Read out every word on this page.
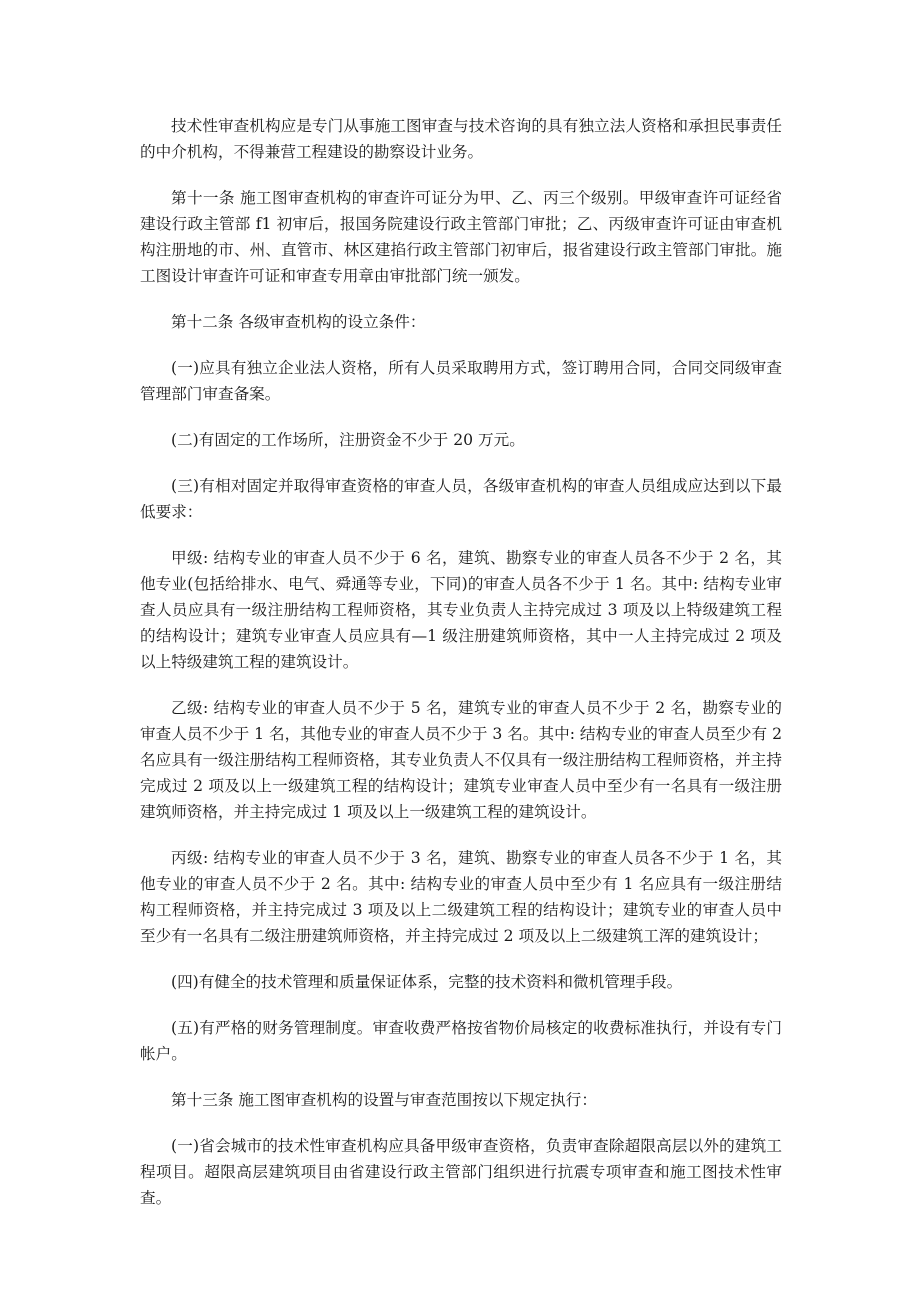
技术性审查机构应是专门从事施工图审查与技术咨询的具有独立法人资格和承担民事责任的中介机构，不得兼营工程建设的勘察设计业务。

第十一条 施工图审查机构的审查许可证分为甲、乙、丙三个级别。甲级审查许可证经省建设行政主管部 f1 初审后，报国务院建设行政主管部门审批；乙、丙级审查许可证由审查机构注册地的市、州、直管市、林区建掐行政主管部门初审后，报省建设行政主管部门审批。施工图设计审查许可证和审查专用章由审批部门统一颁发。

第十二条 各级审查机构的设立条件：

(一)应具有独立企业法人资格，所有人员采取聘用方式，签订聘用合同，合同交同级审查管理部门审查备案。

(二)有固定的工作场所，注册资金不少于 20 万元。

(三)有相对固定并取得审查资格的审查人员，各级审查机构的审查人员组成应达到以下最低要求：

甲级: 结构专业的审查人员不少于 6 名，建筑、勘察专业的审查人员各不少于 2 名，其他专业(包括给排水、电气、舜通等专业，下同)的审查人员各不少于 1 名。其中: 结构专业审查人员应具有一级注册结构工程师资格，其专业负责人主持完成过 3 项及以上特级建筑工程的结构设计；建筑专业审查人员应具有—1 级注册建筑师资格，其中一人主持完成过 2 项及以上特级建筑工程的建筑设计。

乙级: 结构专业的审查人员不少于 5 名，建筑专业的审查人员不少于 2 名，勘察专业的审查人员不少于 1 名，其他专业的审查人员不少于 3 名。其中: 结构专业的审查人员至少有 2 名应具有一级注册结构工程师资格，其专业负责人不仅具有一级注册结构工程师资格，并主持完成过 2 项及以上一级建筑工程的结构设计；建筑专业审查人员中至少有一名具有一级注册建筑师资格，并主持完成过 1 项及以上一级建筑工程的建筑设计。

丙级: 结构专业的审查人员不少于 3 名，建筑、勘察专业的审查人员各不少于 1 名，其他专业的审查人员不少于 2 名。其中: 结构专业的审查人员中至少有 1 名应具有一级注册结构工程师资格，并主持完成过 3 项及以上二级建筑工程的结构设计；建筑专业的审查人员中至少有一名具有二级注册建筑师资格，并主持完成过 2 项及以上二级建筑工浑的建筑设计；

(四)有健全的技术管理和质量保证体系，完整的技术资料和微机管理手段。

(五)有严格的财务管理制度。审查收费严格按省物价局核定的收费标准执行，并设有专门帐户。

第十三条 施工图审查机构的设置与审查范围按以下规定执行：

(一)省会城市的技术性审查机构应具备甲级审查资格，负责审查除超限高层以外的建筑工程项目。超限高层建筑项目由省建设行政主管部门组织进行抗震专项审查和施工图技术性审查。
